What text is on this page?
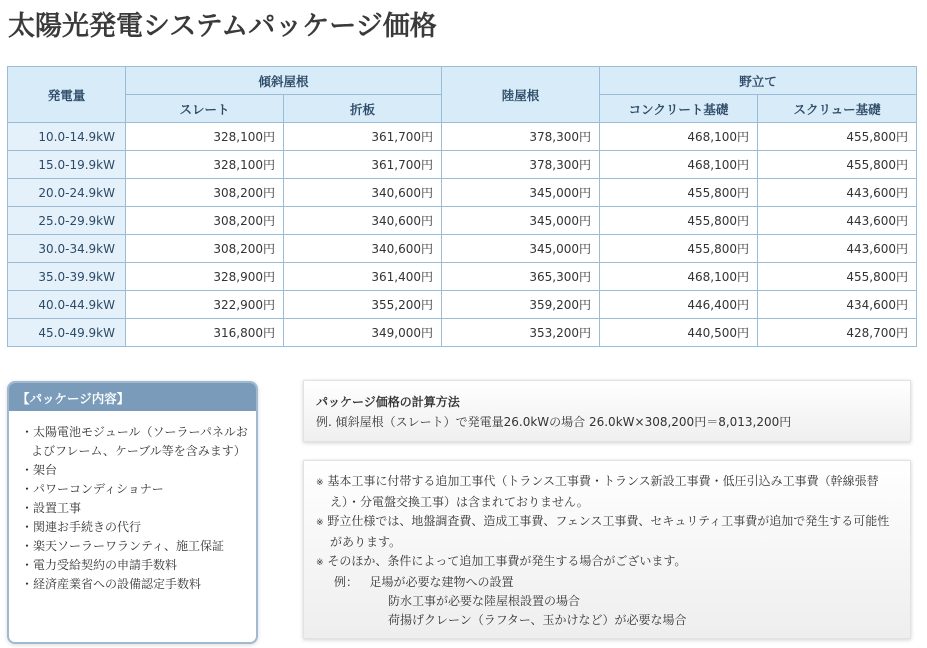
太陽光発電システムパッケージ価格
発電量	傾斜屋根		陸屋根	野立て	
	スレート	折板		コンクリート基礎	スクリュー基礎
10.0-14.9kW	328,100円	361,700円	378,300円	468,100円	455,800円
15.0-19.9kW	328,100円	361,700円	378,300円	468,100円	455,800円
20.0-24.9kW	308,200円	340,600円	345,000円	455,800円	443,600円
25.0-29.9kW	308,200円	340,600円	345,000円	455,800円	443,600円
30.0-34.9kW	308,200円	340,600円	345,000円	455,800円	443,600円
35.0-39.9kW	328,900円	361,400円	365,300円	468,100円	455,800円
40.0-44.9kW	322,900円	355,200円	359,200円	446,400円	434,600円
45.0-49.9kW	316,800円	349,000円	353,200円	440,500円	428,700円
【パッケージ内容】
・太陽電池モジュール（ソーラーパネルおよびフレーム、ケーブル等を含みます）
・架台
・パワーコンディショナー
・設置工事
・関連お手続きの代行
・楽天ソーラーワランティ、施工保証
・電力受給契約の申請手数料
・経済産業省への設備認定手数料
パッケージ価格の計算方法
例. 傾斜屋根（スレート）で発電量26.0kWの場合 26.0kW×308,200円＝8,013,200円
※ 基本工事に付帯する追加工事代（トランス工事費・トランス新設工事費・低圧引込み工事費（幹線張替え）・分電盤交換工事）は含まれておりません。
※ 野立仕様では、地盤調査費、造成工事費、フェンス工事費、セキュリティ工事費が追加で発生する可能性があります。
※ そのほか、条件によって追加工事費が発生する場合がございます。
例： 足場が必要な建物への設置
防水工事が必要な陸屋根設置の場合
荷揚げクレーン（ラフター、玉かけなど）が必要な場合
